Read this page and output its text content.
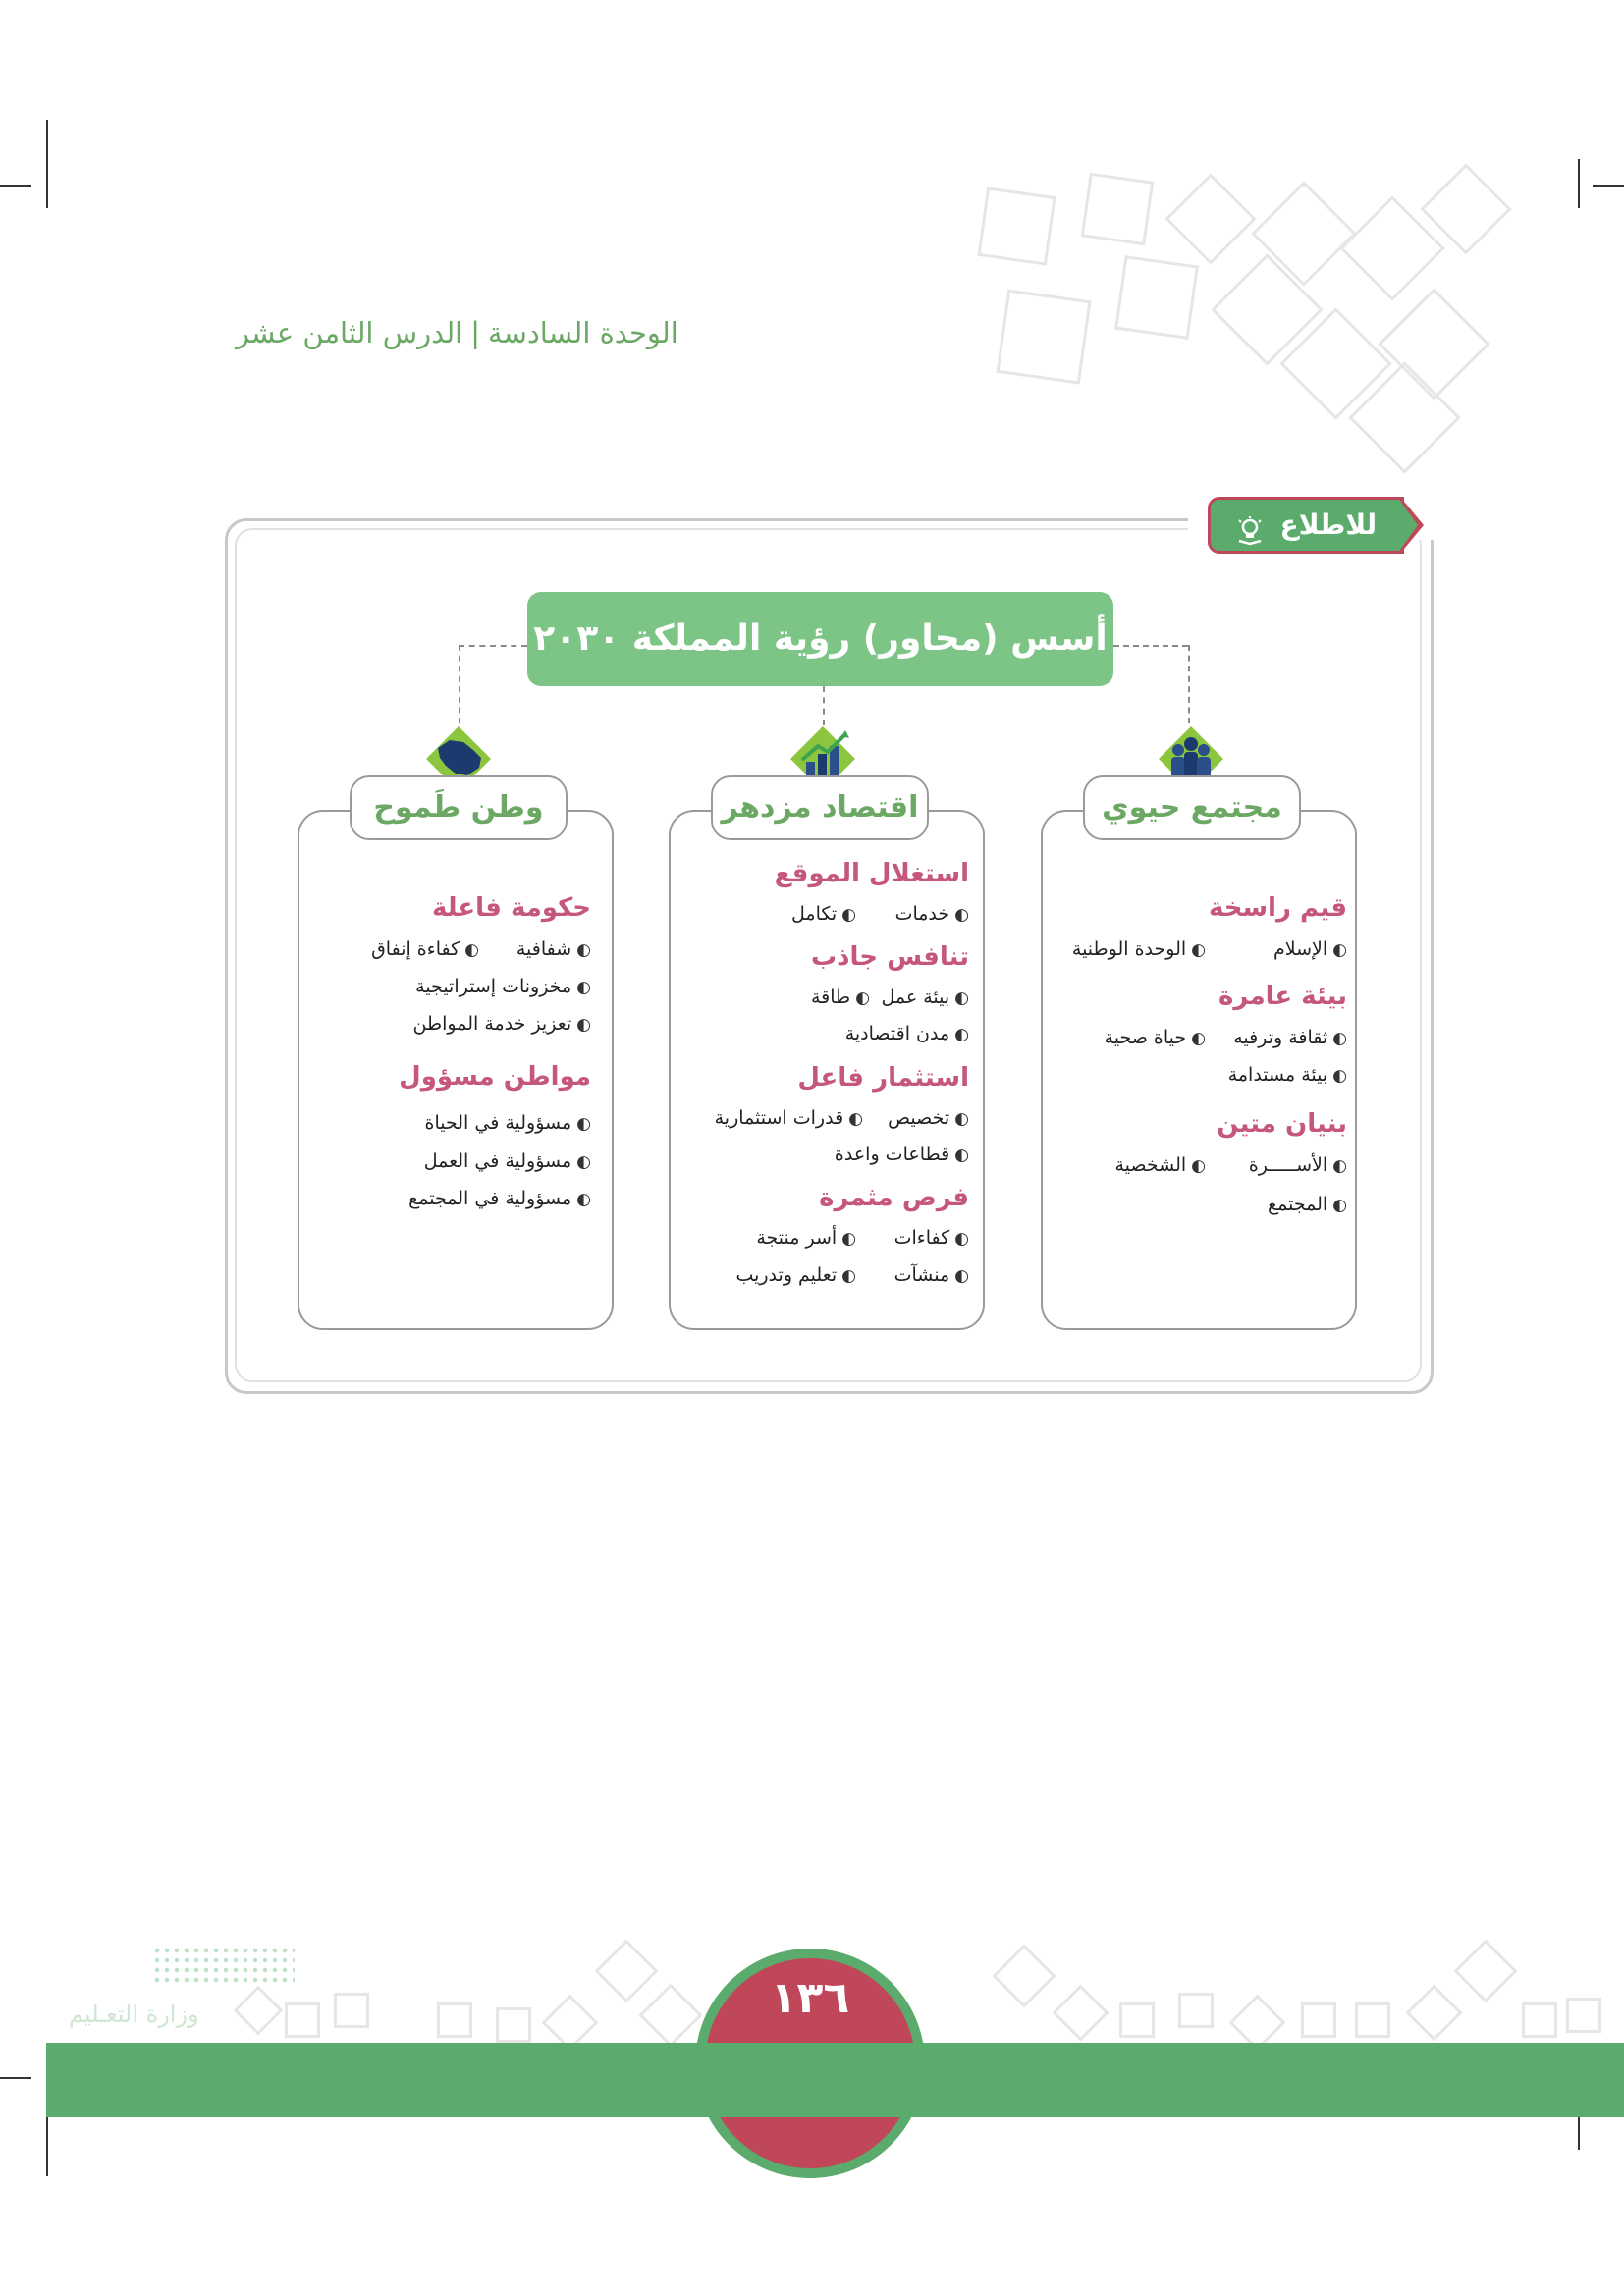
الوحدة السادسة|الدرس الثامن عشر
للاطلاع
أسس (محاور) رؤية المملكة ٢٠٣٠
مجتمع حيوي
قيم راسخة
◐ الإسلام
◐ الوحدة الوطنية
بيئة عامرة
◐ ثقافة وترفيه
◐ حياة صحية
◐ بيئة مستدامة
بنيان متين
◐ الأســـــرة
◐ الشخصية
◐ المجتمع
اقتصاد مزدهر
استغلال الموقع
◐ خدمات
◐ تكامل
تنافس جاذب
◐ بيئة عمل
◐ طاقة
◐ مدن اقتصادية
استثمار فاعل
◐ تخصيص
◐ قدرات استثمارية
◐ قطاعات واعدة
فرص مثمرة
◐ كفاءات
◐ أسر منتجة
◐ منشآت
◐ تعليم وتدريب
وطن طَموح
حكومة فاعلة
◐ شفافية
◐ كفاءة إنفاق
◐ مخزونات إستراتيجية
◐ تعزيز خدمة المواطن
مواطن مسؤول
◐ مسؤولية في الحياة
◐ مسؤولية في العمل
◐ مسؤولية في المجتمع
وزارة التعـليم	١٣٦
